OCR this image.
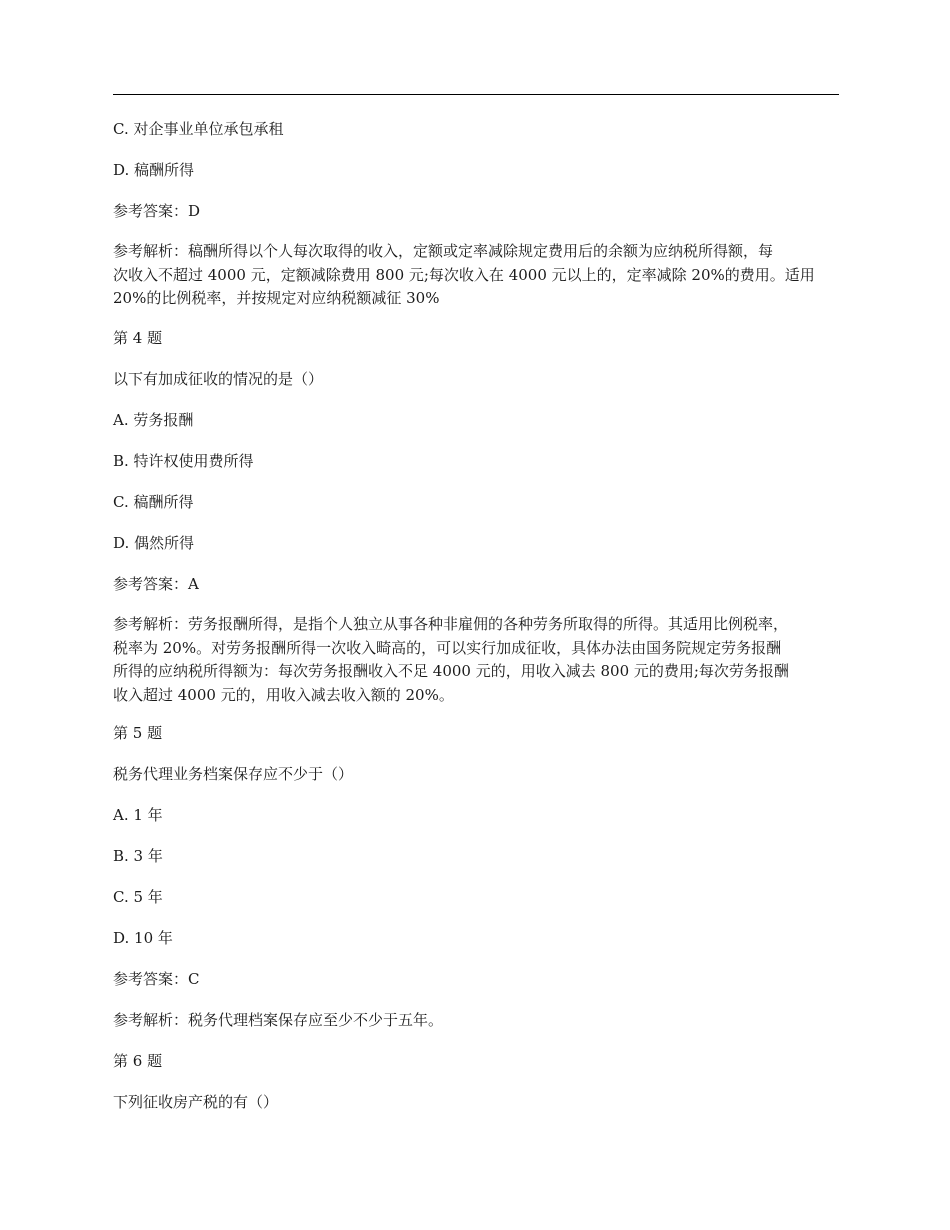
C. 对企事业单位承包承租
D. 稿酬所得
参考答案：D
参考解析：稿酬所得以个人每次取得的收入，定额或定率减除规定费用后的余额为应纳税所得额，每
次收入不超过 4000 元，定额减除费用 800 元;每次收入在 4000 元以上的，定率减除 20%的费用。适用
20%的比例税率，并按规定对应纳税额减征 30%
第 4 题
以下有加成征收的情况的是（）
A. 劳务报酬
B. 特许权使用费所得
C. 稿酬所得
D. 偶然所得
参考答案：A
参考解析：劳务报酬所得，是指个人独立从事各种非雇佣的各种劳务所取得的所得。其适用比例税率，
税率为 20%。对劳务报酬所得一次收入畸高的，可以实行加成征收，具体办法由国务院规定劳务报酬
所得的应纳税所得额为：每次劳务报酬收入不足 4000 元的，用收入减去 800 元的费用;每次劳务报酬
收入超过 4000 元的，用收入减去收入额的 20%。
第 5 题
税务代理业务档案保存应不少于（）
A. 1 年
B. 3 年
C. 5 年
D. 10 年
参考答案：C
参考解析：税务代理档案保存应至少不少于五年。
第 6 题
下列征收房产税的有（）
